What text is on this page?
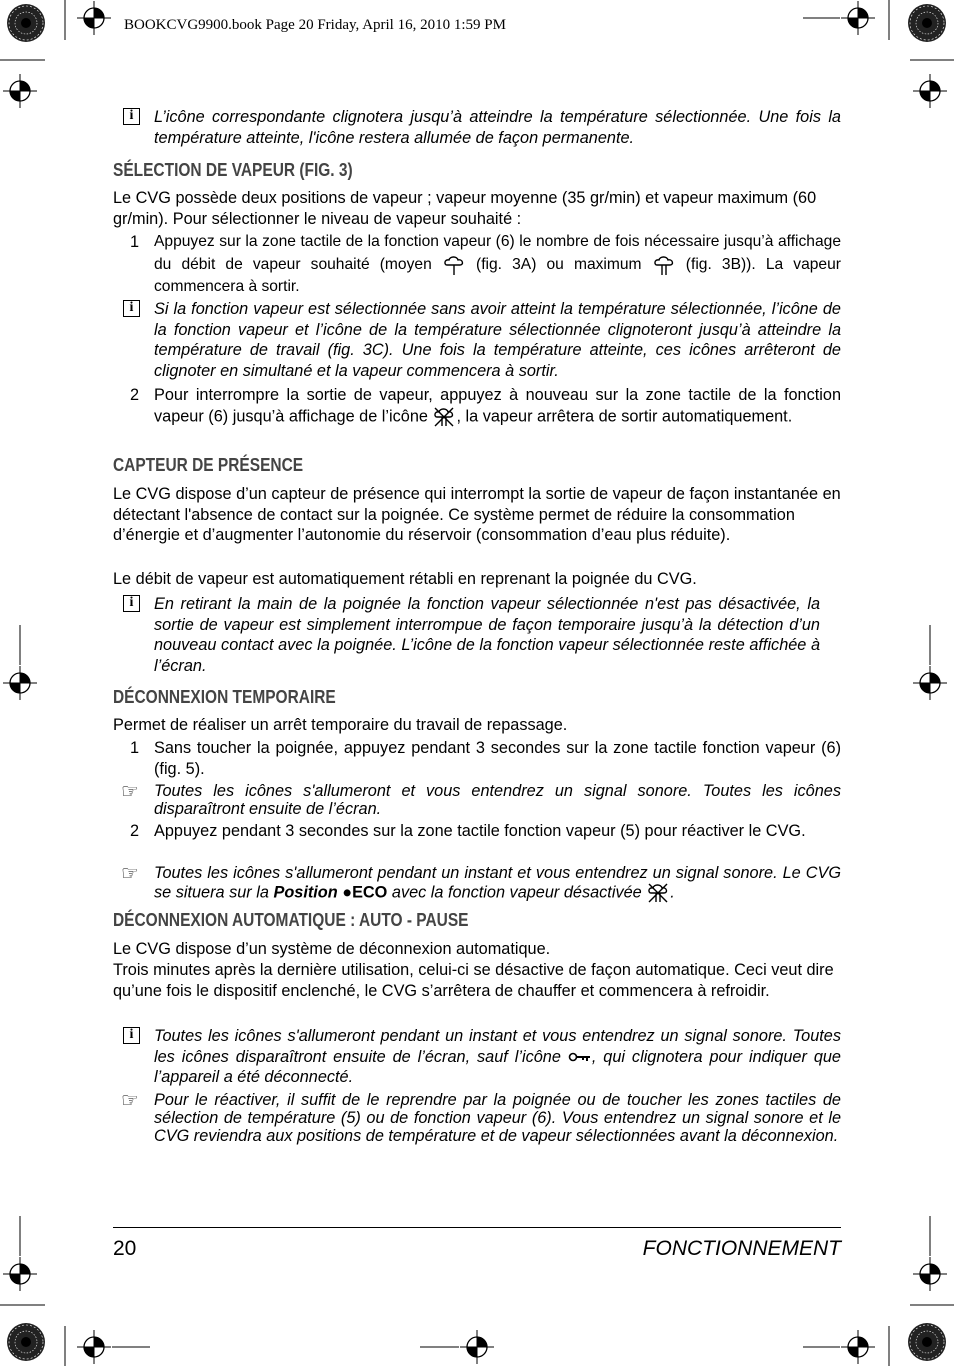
BOOKCVG9900.book Page 20 Friday, April 16, 2010 1:59 PM
i	L’icône correspondante clignotera jusqu’à atteindre la température sélectionnée. Une fois la température atteinte, l'icône restera allumée de façon permanente.
SÉLECTION DE VAPEUR (FIG. 3)

Le CVG possède deux positions de vapeur ; vapeur moyenne (35 gr/min) et vapeur maximum (60 gr/min). Pour sélectionner le niveau de vapeur souhaité :

1 Appuyez sur la zone tactile de la fonction vapeur (6) le nombre de fois nécessaire jusqu’à affichage du débit de vapeur souhaité (moyen	(fig. 3A) ou maximum	(fig. 3B)). La vapeur commencera à sortir.
i	Si la fonction vapeur est sélectionnée sans avoir atteint la température sélectionnée, l’icône de la fonction vapeur et l’icône de la température sélectionnée clignoteront jusqu’à atteindre la température de travail (fig. 3C). Une fois la température atteinte, ces icônes arrêteront de clignoter en simultané et la vapeur commencera à sortir.
2 Pour interrompre la sortie de vapeur, appuyez à nouveau sur la zone tactile de la fonction vapeur (6) jusqu’à affichage de l’icône , la vapeur arrêtera de sortir automatiquement.
CAPTEUR DE PRÉSENCE

Le CVG dispose d’un capteur de présence qui interrompt la sortie de vapeur de façon instantanée en détectant l'absence de contact sur la poignée. Ce système permet de réduire la consommation d’énergie et d’augmenter l’autonomie du réservoir (consommation d’eau plus réduite).

Le débit de vapeur est automatiquement rétabli en reprenant la poignée du CVG.

i	En retirant la main de la poignée la fonction vapeur sélectionnée n'est pas désactivée, la sortie de vapeur est simplement interrompue de façon temporaire jusqu’à la détection d’un nouveau contact avec la poignée. L’icône de la fonction vapeur sélectionnée reste affichée à l’écran.
DÉCONNEXION TEMPORAIRE

Permet de réaliser un arrêt temporaire du travail de repassage.

1 Sans toucher la poignée, appuyez pendant 3 secondes sur la zone tactile fonction vapeur (6) (fig. 5).
☞ Toutes les icônes s'allumeront et vous entendrez un signal sonore. Toutes les icônes disparaîtront ensuite de l’écran.
2 Appuyez pendant 3 secondes sur la zone tactile fonction vapeur (5) pour réactiver le CVG.
☞ Toutes les icônes s'allumeront pendant un instant et vous entendrez un signal sonore. Le CVG se situera sur la Position ●ECO avec la fonction vapeur désactivée .
DÉCONNEXION AUTOMATIQUE : AUTO - PAUSE

Le CVG dispose d’un système de déconnexion automatique.

Trois minutes après la dernière utilisation, celui-ci se désactive de façon automatique. Ceci veut dire qu’une fois le dispositif enclenché, le CVG s’arrêtera de chauffer et commencera à refroidir.

i	Toutes les icônes s'allumeront pendant un instant et vous entendrez un signal sonore. Toutes les icônes disparaîtront ensuite de l’écran, sauf l’icône , qui clignotera pour indiquer que l’appareil a été déconnecté.
☞ Pour le réactiver, il suffit de le reprendre par la poignée ou de toucher les zones tactiles de sélection de température (5) ou de fonction vapeur (6). Vous entendrez un signal sonore et le CVG reviendra aux positions de température et de vapeur sélectionnées avant la déconnexion.
20	FONCTIONNEMENT
